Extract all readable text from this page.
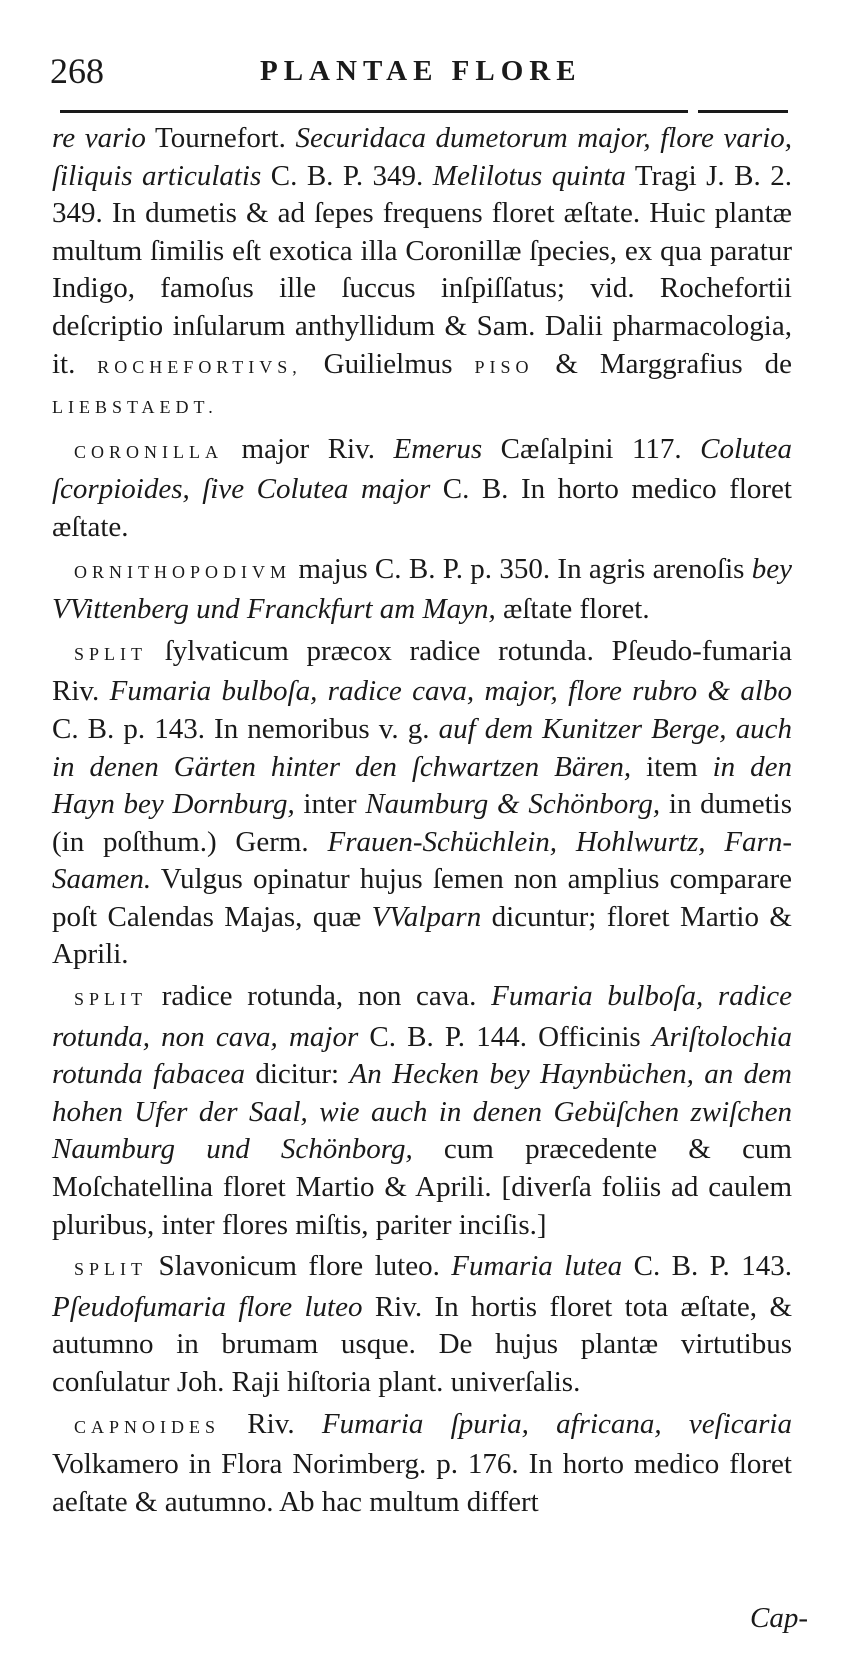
268	PLANTAE FLORE

re vario Tournefort. Securidaca dumetorum major, flore vario, ſiliquis articulatis C. B. P. 349. Melilotus quinta Tragi J. B. 2. 349. In dumetis & ad ſepes frequens floret æſtate. Huic plantæ multum ſimilis eſt exotica illa Coronillæ ſpecies, ex qua paratur Indigo, famoſus ille ſuccus inſpiſſatus; vid. Rochefortii deſcriptio inſularum anthyllidum & Sam. Dalii pharmacologia, it. ROCHEFORTIVS, Guilielmus PISO & Marggrafius de LIEBSTAEDT.

CORONILLA major Riv. Emerus Cæſalpini 117. Colutea ſcorpioides, ſive Colutea major C. B. In horto medico floret æſtate.

ORNITHOPODIVM majus C. B. P. p. 350. In agris arenoſis bey VVittenberg und Franckfurt am Mayn, æſtate floret.

SPLIT ſylvaticum præcox radice rotunda. Pſeudo-fumaria Riv. Fumaria bulboſa, radice cava, major, flore rubro & albo C. B. p. 143. In nemoribus v. g. auf dem Kunitzer Berge, auch in denen Gärten hinter den ſchwartzen Bären, item in den Hayn bey Dornburg, inter Naumburg & Schönborg, in dumetis (in poſthum.) Germ. Frauen-Schüchlein, Hohlwurtz, Farn-Saamen. Vulgus opinatur hujus ſemen non amplius comparare poſt Calendas Majas, quæ VValparn dicuntur; floret Martio & Aprili.

SPLIT radice rotunda, non cava. Fumaria bulboſa, radice rotunda, non cava, major C. B. P. 144. Officinis Ariſtolochia rotunda fabacea dicitur: An Hecken bey Haynbüchen, an dem hohen Ufer der Saal, wie auch in denen Gebüſchen zwiſchen Naumburg und Schönborg, cum præcedente & cum Moſchatellina floret Martio & Aprili. [diverſa foliis ad caulem pluribus, inter flores miſtis, pariter inciſis.]

SPLIT Slavonicum flore luteo. Fumaria lutea C. B. P. 143. Pſeudofumaria flore luteo Riv. In hortis floret tota æſtate, & autumno in brumam usque. De hujus plantæ virtutibus conſulatur Joh. Raji hiſtoria plant. univerſalis.

CAPNOIDES Riv. Fumaria ſpuria, africana, veſicaria Volkamero in Flora Norimberg. p. 176. In horto medico floret aeſtate & autumno. Ab hac multum differt

Cap-
